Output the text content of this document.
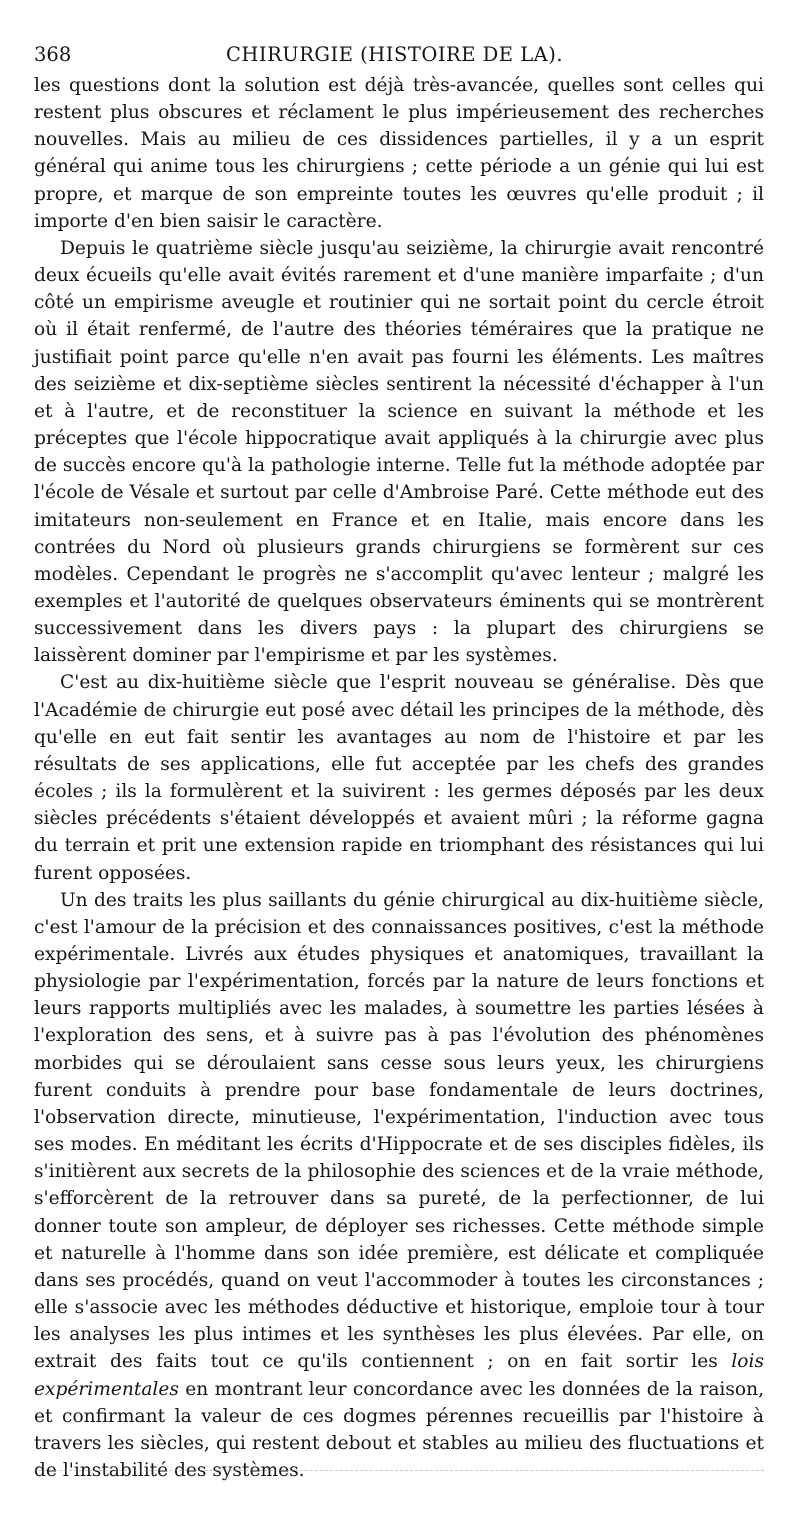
368	CHIRURGIE (HISTOIRE DE LA).

les questions dont la solution est déjà très-avancée, quelles sont celles qui restent plus obscures et réclament le plus impérieusement des recherches nouvelles. Mais au milieu de ces dissidences partielles, il y a un esprit général qui anime tous les chirurgiens ; cette période a un génie qui lui est propre, et marque de son empreinte toutes les œuvres qu'elle produit ; il importe d'en bien saisir le caractère.

Depuis le quatrième siècle jusqu'au seizième, la chirurgie avait rencontré deux écueils qu'elle avait évités rarement et d'une manière imparfaite ; d'un côté un empirisme aveugle et routinier qui ne sortait point du cercle étroit où il était renfermé, de l'autre des théories téméraires que la pratique ne justifiait point parce qu'elle n'en avait pas fourni les éléments. Les maîtres des seizième et dix-septième siècles sentirent la nécessité d'échapper à l'un et à l'autre, et de reconstituer la science en suivant la méthode et les préceptes que l'école hippocratique avait appliqués à la chirurgie avec plus de succès encore qu'à la pathologie interne. Telle fut la méthode adoptée par l'école de Vésale et surtout par celle d'Ambroise Paré. Cette méthode eut des imitateurs non-seulement en France et en Italie, mais encore dans les contrées du Nord où plusieurs grands chirurgiens se formèrent sur ces modèles. Cependant le progrès ne s'accomplit qu'avec lenteur ; malgré les exemples et l'autorité de quelques observateurs éminents qui se montrèrent successivement dans les divers pays : la plupart des chirurgiens se laissèrent dominer par l'empirisme et par les systèmes.

C'est au dix-huitième siècle que l'esprit nouveau se généralise. Dès que l'Académie de chirurgie eut posé avec détail les principes de la méthode, dès qu'elle en eut fait sentir les avantages au nom de l'histoire et par les résultats de ses applications, elle fut acceptée par les chefs des grandes écoles ; ils la formulèrent et la suivirent : les germes déposés par les deux siècles précédents s'étaient développés et avaient mûri ; la réforme gagna du terrain et prit une extension rapide en triomphant des résistances qui lui furent opposées.

Un des traits les plus saillants du génie chirurgical au dix-huitième siècle, c'est l'amour de la précision et des connaissances positives, c'est la méthode expérimentale. Livrés aux études physiques et anatomiques, travaillant la physiologie par l'expérimentation, forcés par la nature de leurs fonctions et leurs rapports multipliés avec les malades, à soumettre les parties lésées à l'exploration des sens, et à suivre pas à pas l'évolution des phénomènes morbides qui se déroulaient sans cesse sous leurs yeux, les chirurgiens furent conduits à prendre pour base fondamentale de leurs doctrines, l'observation directe, minutieuse, l'expérimentation, l'induction avec tous ses modes. En méditant les écrits d'Hippocrate et de ses disciples fidèles, ils s'initièrent aux secrets de la philosophie des sciences et de la vraie méthode, s'efforcèrent de la retrouver dans sa pureté, de la perfectionner, de lui donner toute son ampleur, de déployer ses richesses. Cette méthode simple et naturelle à l'homme dans son idée première, est délicate et compliquée dans ses procédés, quand on veut l'accommoder à toutes les circonstances ; elle s'associe avec les méthodes déductive et historique, emploie tour à tour les analyses les plus intimes et les synthèses les plus élevées. Par elle, on extrait des faits tout ce qu'ils contiennent ; on en fait sortir les lois expérimentales en montrant leur concordance avec les données de la raison, et confirmant la valeur de ces dogmes pérennes recueillis par l'histoire à travers les siècles, qui restent debout et stables au milieu des fluctuations et de l'instabilité des systèmes.
